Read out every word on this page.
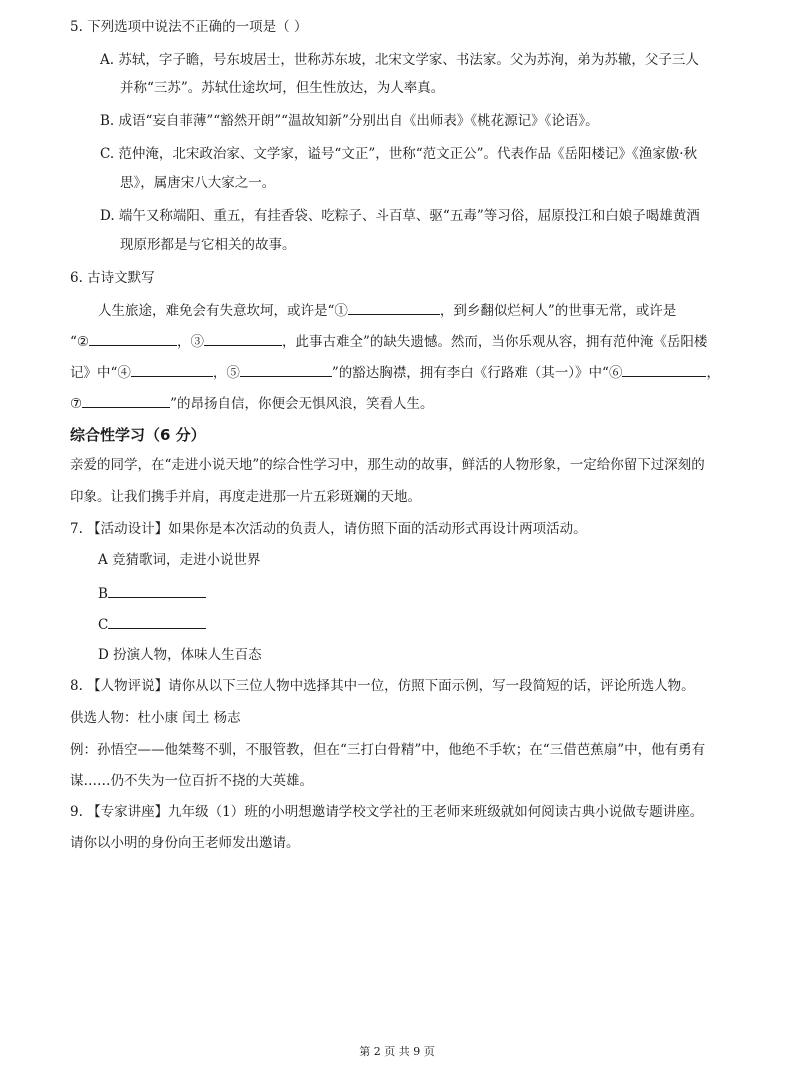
5. 下列选项中说法不正确的一项是（ ）
A. 苏轼，字子瞻，号东坡居士，世称苏东坡，北宋文学家、书法家。父为苏洵，弟为苏辙，父子三人
并称“三苏”。苏轼仕途坎坷，但生性放达，为人率真。
B. 成语“妄自菲薄”“豁然开朗”“温故知新”分别出自《出师表》《桃花源记》《论语》。
C. 范仲淹，北宋政治家、文学家，谥号“文正”，世称“范文正公”。代表作品《岳阳楼记》《渔家傲·秋
思》，属唐宋八大家之一。
D. 端午又称端阳、重五，有挂香袋、吃粽子、斗百草、驱“五毒”等习俗，屈原投江和白娘子喝雄黄酒
现原形都是与它相关的故事。
6. 古诗文默写
人生旅途，难免会有失意坎坷，或许是“①	，到乡翻似烂柯人”的世事无常，或许是
“②	，③	，此事古难全”的缺失遗憾。然而，当你乐观从容，拥有范仲淹《岳阳楼
记》中“④	，⑤	”的豁达胸襟，拥有李白《行路难（其一）》中“⑥	，
⑦	”的昂扬自信，你便会无惧风浪，笑看人生。
综合性学习（6 分）
亲爱的同学，在“走进小说天地”的综合性学习中，那生动的故事，鲜活的人物形象，一定给你留下过深刻的
印象。让我们携手并肩，再度走进那一片五彩斑斓的天地。
7. 【活动设计】如果你是本次活动的负责人，请仿照下面的活动形式再设计两项活动。
A 竞猜歌词，走进小说世界
B
C
D 扮演人物，体味人生百态
8. 【人物评说】请你从以下三位人物中选择其中一位，仿照下面示例，写一段简短的话，评论所选人物。
供选人物：杜小康 闰土 杨志
例：孙悟空——他桀骜不驯，不服管教，但在“三打白骨精”中，他绝不手软；在“三借芭蕉扇”中，他有勇有
谋……仍不失为一位百折不挠的大英雄。
9. 【专家讲座】九年级（1）班的小明想邀请学校文学社的王老师来班级就如何阅读古典小说做专题讲座。
请你以小明的身份向王老师发出邀请。
第 2 页 共 9 页
